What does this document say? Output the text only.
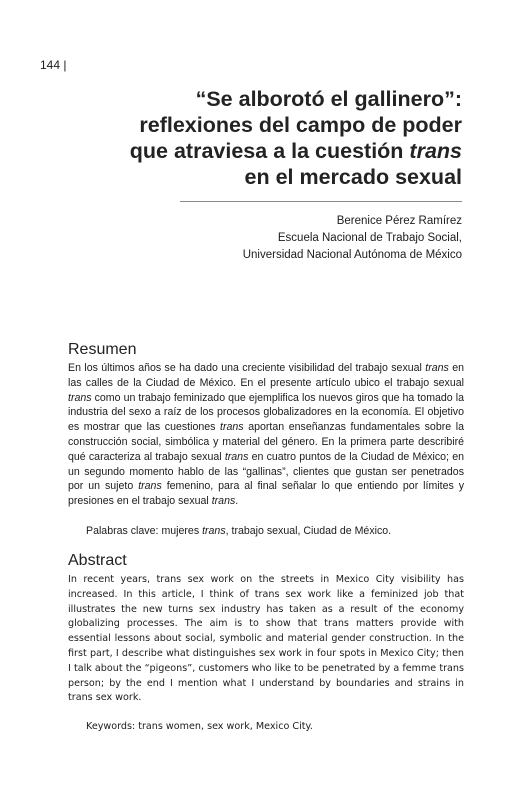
144 |
“Se alborotó el gallinero”:
reflexiones del campo de poder
que atraviesa a la cuestión trans
en el mercado sexual
Berenice Pérez Ramírez
Escuela Nacional de Trabajo Social,
Universidad Nacional Autónoma de México
Resumen
En los últimos años se ha dado una creciente visibilidad del trabajo sexual trans en las calles de la Ciudad de México. En el presente artículo ubico el trabajo sexual trans como un trabajo feminizado que ejemplifica los nuevos giros que ha tomado la industria del sexo a raíz de los procesos globalizadores en la economía. El objetivo es mostrar que las cuestiones trans aportan enseñanzas fundamentales sobre la construcción social, simbólica y material del género. En la primera parte describiré qué caracteriza al trabajo sexual trans en cuatro puntos de la Ciudad de México; en un segundo momento hablo de las “gallinas”, clientes que gustan ser penetrados por un sujeto trans femenino, para al final señalar lo que entiendo por límites y presiones en el trabajo sexual trans.
Palabras clave: mujeres trans, trabajo sexual, Ciudad de México.
Abstract
In recent years, trans sex work on the streets in Mexico City visibility has increased. In this article, I think of trans sex work like a feminized job that illustrates the new turns sex industry has taken as a result of the economy globalizing processes. The aim is to show that trans matters provide with essential lessons about social, symbolic and material gender construction. In the first part, I describe what distinguishes sex work in four spots in Mexico City; then I talk about the “pigeons”, customers who like to be penetrated by a femme trans person; by the end I mention what I understand by boundaries and strains in trans sex work.
Keywords: trans women, sex work, Mexico City.
